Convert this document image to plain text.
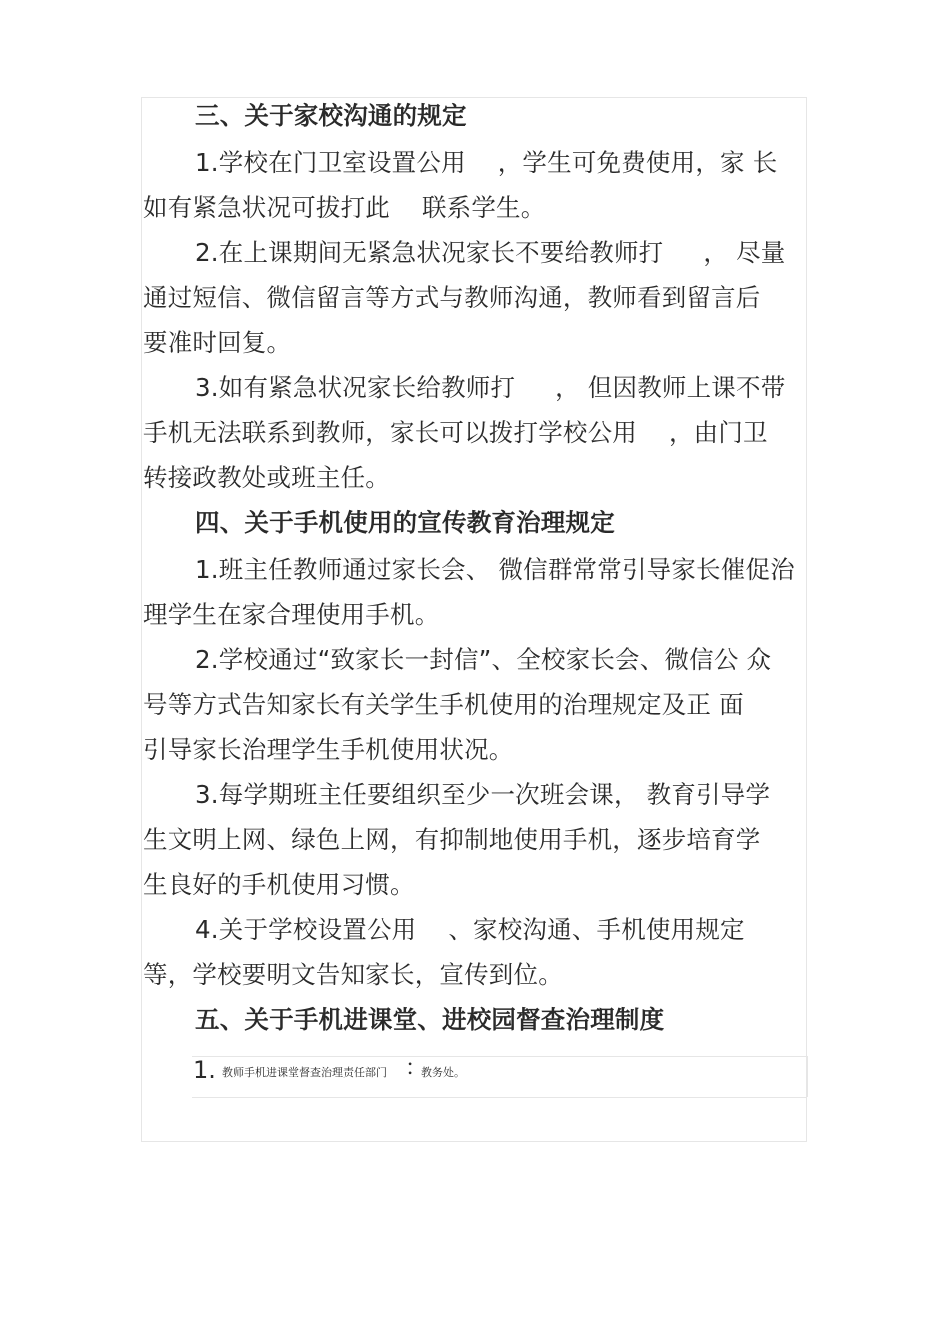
三、关于家校沟通的规定

1.学校在门卫室设置公用    ，学生可免费使用，家 长

如有紧急状况可拔打此    联系学生。

2.在上课期间无紧急状况家长不要给教师打     ， 尽量

通过短信、微信留言等方式与教师沟通，教师看到留言后

要准时回复。

3.如有紧急状况家长给教师打     ， 但因教师上课不带

手机无法联系到教师，家长可以拨打学校公用    ，由门卫

转接政教处或班主任。

四、关于手机使用的宣传教育治理规定

1.班主任教师通过家长会、 微信群常常引导家长催促治

理学生在家合理使用手机。

2.学校通过“致家长一封信”、全校家长会、微信公 众

号等方式告知家长有关学生手机使用的治理规定及正 面

引导家长治理学生手机使用状况。

3.每学期班主任要组织至少一次班会课， 教育引导学

生文明上网、绿色上网，有抑制地使用手机，逐步培育学

生良好的手机使用习惯。

4.关于学校设置公用    、家校沟通、手机使用规定

等，学校要明文告知家长，宣传到位。

五、关于手机进课堂、进校园督查治理制度

1. 教师手机进课堂督查治理责任部门 ：

教务处。
